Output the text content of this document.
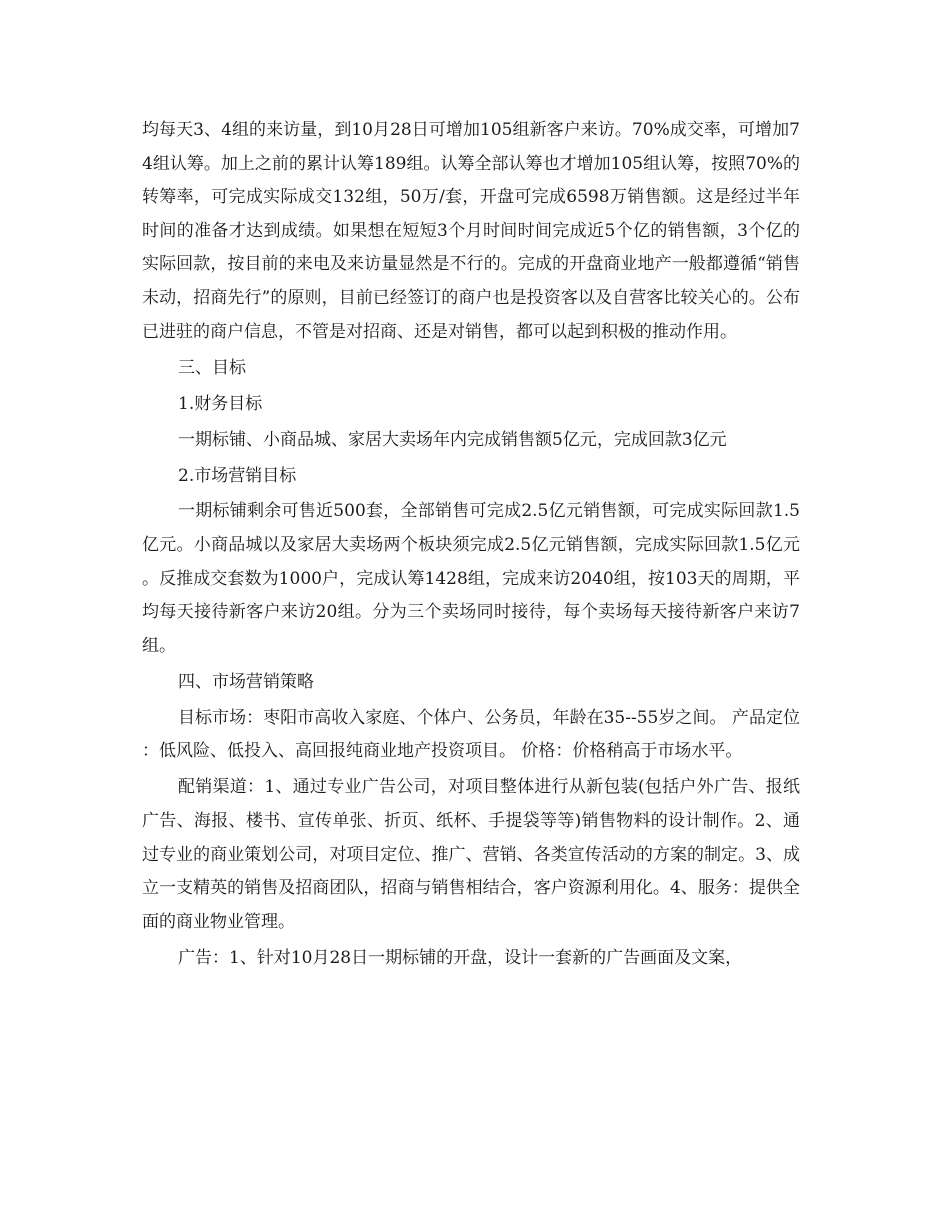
均每天3、4组的来访量，到10月28日可增加105组新客户来访。70%成交率，可增加74组认筹。加上之前的累计认筹189组。认筹全部认筹也才增加105组认筹，按照70%的转筹率，可完成实际成交132组，50万/套，开盘可完成6598万销售额。这是经过半年时间的准备才达到成绩。如果想在短短3个月时间时间完成近5个亿的销售额，3个亿的实际回款，按目前的来电及来访量显然是不行的。完成的开盘商业地产一般都遵循“销售未动，招商先行”的原则，目前已经签订的商户也是投资客以及自营客比较关心的。公布已进驻的商户信息，不管是对招商、还是对销售，都可以起到积极的推动作用。

三、目标

1.财务目标

一期标铺、小商品城、家居大卖场年内完成销售额5亿元，完成回款3亿元

2.市场营销目标

一期标铺剩余可售近500套，全部销售可完成2.5亿元销售额，可完成实际回款1.5亿元。小商品城以及家居大卖场两个板块须完成2.5亿元销售额，完成实际回款1.5亿元。反推成交套数为1000户，完成认筹1428组，完成来访2040组，按103天的周期，平均每天接待新客户来访20组。分为三个卖场同时接待，每个卖场每天接待新客户来访7组。

四、市场营销策略

目标市场：枣阳市高收入家庭、个体户、公务员，年龄在35--55岁之间。 产品定位：低风险、低投入、高回报纯商业地产投资项目。 价格：价格稍高于市场水平。

配销渠道：1、通过专业广告公司，对项目整体进行从新包装(包括户外广告、报纸广告、海报、楼书、宣传单张、折页、纸杯、手提袋等等)销售物料的设计制作。2、通过专业的商业策划公司，对项目定位、推广、营销、各类宣传活动的方案的制定。3、成立一支精英的销售及招商团队，招商与销售相结合，客户资源利用化。4、服务：提供全面的商业物业管理。

广告：1、针对10月28日一期标铺的开盘，设计一套新的广告画面及文案，
